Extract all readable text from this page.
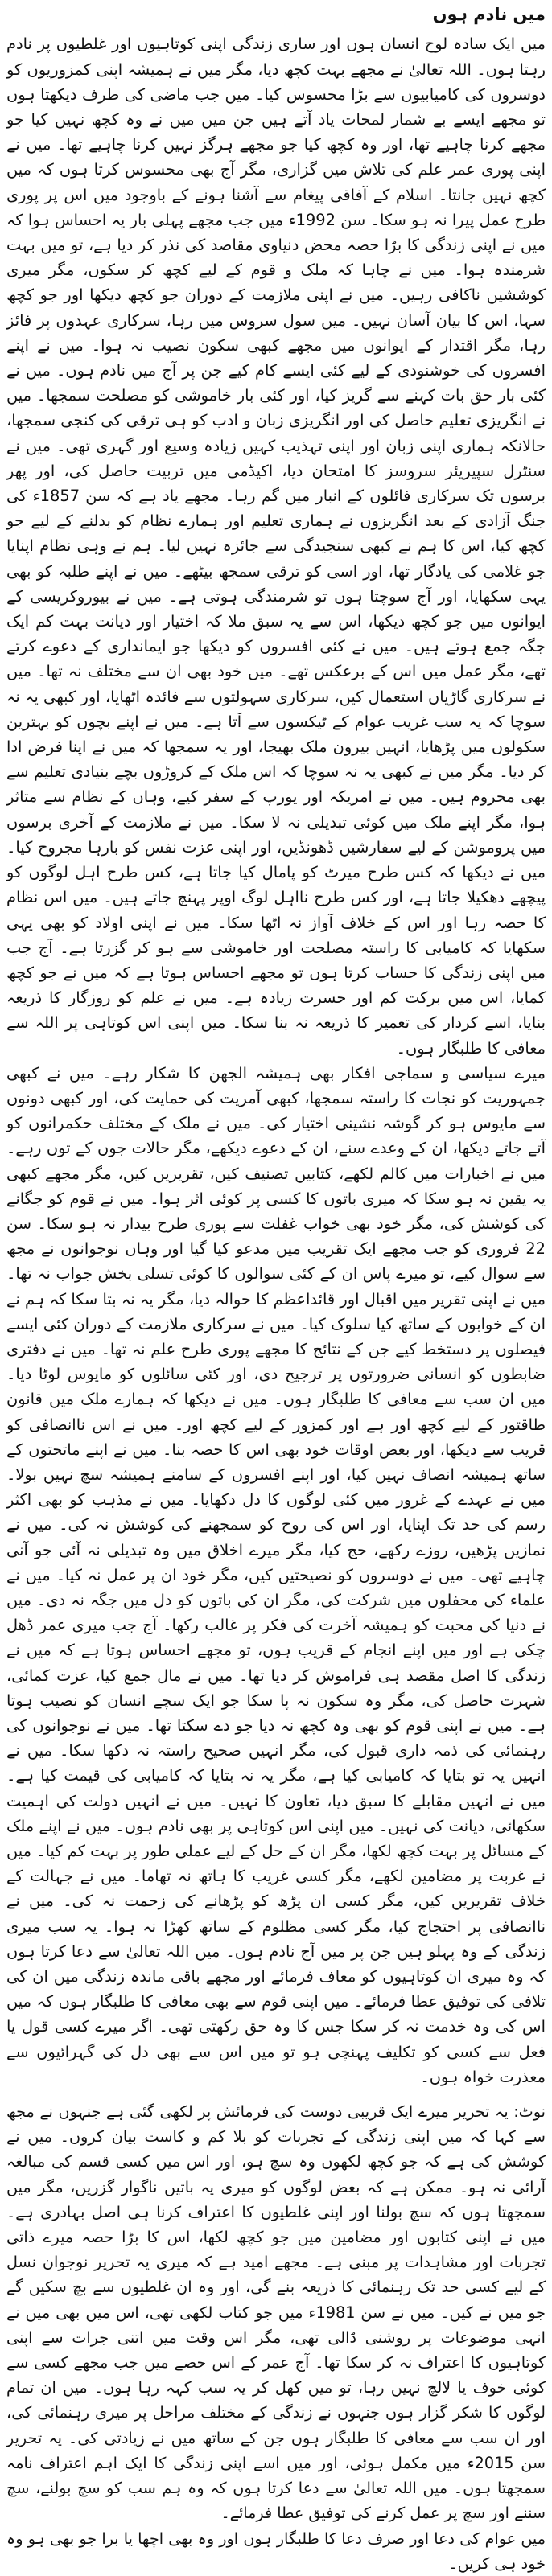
میں نادم ہوں

میں ایک سادہ لوح انسان ہوں اور ساری زندگی اپنی کوتاہیوں اور غلطیوں پر نادم رہتا ہوں۔ اللہ تعالیٰ نے مجھے بہت کچھ دیا، مگر میں نے ہمیشہ اپنی کمزوریوں کو دوسروں کی کامیابیوں سے بڑا محسوس کیا۔ میں جب ماضی کی طرف دیکھتا ہوں تو مجھے ایسے بے شمار لمحات یاد آتے ہیں جن میں میں نے وہ کچھ نہیں کیا جو مجھے کرنا چاہیے تھا، اور وہ کچھ کیا جو مجھے ہرگز نہیں کرنا چاہیے تھا۔ میں نے اپنی پوری عمر علم کی تلاش میں گزاری، مگر آج بھی محسوس کرتا ہوں کہ میں کچھ نہیں جانتا۔ اسلام کے آفاقی پیغام سے آشنا ہونے کے باوجود میں اس پر پوری طرح عمل پیرا نہ ہو سکا۔ سن 1992ء میں جب مجھے پہلی بار یہ احساس ہوا کہ میں نے اپنی زندگی کا بڑا حصہ محض دنیاوی مقاصد کی نذر کر دیا ہے، تو میں بہت شرمندہ ہوا۔ میں نے چاہا کہ ملک و قوم کے لیے کچھ کر سکوں، مگر میری کوششیں ناکافی رہیں۔ میں نے اپنی ملازمت کے دوران جو کچھ دیکھا اور جو کچھ سہا، اس کا بیان آسان نہیں۔ میں سول سروس میں رہا، سرکاری عہدوں پر فائز رہا، مگر اقتدار کے ایوانوں میں مجھے کبھی سکون نصیب نہ ہوا۔ میں نے اپنے افسروں کی خوشنودی کے لیے کئی ایسے کام کیے جن پر آج میں نادم ہوں۔ میں نے کئی بار حق بات کہنے سے گریز کیا، اور کئی بار خاموشی کو مصلحت سمجھا۔ میں نے انگریزی تعلیم حاصل کی اور انگریزی زبان و ادب کو ہی ترقی کی کنجی سمجھا، حالانکہ ہماری اپنی زبان اور اپنی تہذیب کہیں زیادہ وسیع اور گہری تھی۔ میں نے سنٹرل سپیریئر سروسز کا امتحان دیا، اکیڈمی میں تربیت حاصل کی، اور پھر برسوں تک سرکاری فائلوں کے انبار میں گم رہا۔ مجھے یاد ہے کہ سن 1857ء کی جنگ آزادی کے بعد انگریزوں نے ہماری تعلیم اور ہمارے نظام کو بدلنے کے لیے جو کچھ کیا، اس کا ہم نے کبھی سنجیدگی سے جائزہ نہیں لیا۔ ہم نے وہی نظام اپنایا جو غلامی کی یادگار تھا، اور اسی کو ترقی سمجھ بیٹھے۔ میں نے اپنے طلبہ کو بھی یہی سکھایا، اور آج سوچتا ہوں تو شرمندگی ہوتی ہے۔ میں نے بیوروکریسی کے ایوانوں میں جو کچھ دیکھا، اس سے یہ سبق ملا کہ اختیار اور دیانت بہت کم ایک جگہ جمع ہوتے ہیں۔ میں نے کئی افسروں کو دیکھا جو ایمانداری کے دعوے کرتے تھے، مگر عمل میں اس کے برعکس تھے۔ میں خود بھی ان سے مختلف نہ تھا۔ میں نے سرکاری گاڑیاں استعمال کیں، سرکاری سہولتوں سے فائدہ اٹھایا، اور کبھی یہ نہ سوچا کہ یہ سب غریب عوام کے ٹیکسوں سے آتا ہے۔ میں نے اپنے بچوں کو بہترین سکولوں میں پڑھایا، انہیں بیرون ملک بھیجا، اور یہ سمجھا کہ میں نے اپنا فرض ادا کر دیا۔ مگر میں نے کبھی یہ نہ سوچا کہ اس ملک کے کروڑوں بچے بنیادی تعلیم سے بھی محروم ہیں۔ میں نے امریکہ اور یورپ کے سفر کیے، وہاں کے نظام سے متاثر ہوا، مگر اپنے ملک میں کوئی تبدیلی نہ لا سکا۔ میں نے ملازمت کے آخری برسوں میں پروموشن کے لیے سفارشیں ڈھونڈیں، اور اپنی عزت نفس کو بارہا مجروح کیا۔ میں نے دیکھا کہ کس طرح میرٹ کو پامال کیا جاتا ہے، کس طرح اہل لوگوں کو پیچھے دھکیلا جاتا ہے، اور کس طرح نااہل لوگ اوپر پہنچ جاتے ہیں۔ میں اس نظام کا حصہ رہا اور اس کے خلاف آواز نہ اٹھا سکا۔ میں نے اپنی اولاد کو بھی یہی سکھایا کہ کامیابی کا راستہ مصلحت اور خاموشی سے ہو کر گزرتا ہے۔ آج جب میں اپنی زندگی کا حساب کرتا ہوں تو مجھے احساس ہوتا ہے کہ میں نے جو کچھ کمایا، اس میں برکت کم اور حسرت زیادہ ہے۔ میں نے علم کو روزگار کا ذریعہ بنایا، اسے کردار کی تعمیر کا ذریعہ نہ بنا سکا۔ میں اپنی اس کوتاہی پر اللہ سے معافی کا طلبگار ہوں۔

میرے سیاسی و سماجی افکار بھی ہمیشہ الجھن کا شکار رہے۔ میں نے کبھی جمہوریت کو نجات کا راستہ سمجھا، کبھی آمریت کی حمایت کی، اور کبھی دونوں سے مایوس ہو کر گوشہ نشینی اختیار کی۔ میں نے ملک کے مختلف حکمرانوں کو آتے جاتے دیکھا، ان کے وعدے سنے، ان کے دعوے دیکھے، مگر حالات جوں کے توں رہے۔ میں نے اخبارات میں کالم لکھے، کتابیں تصنیف کیں، تقریریں کیں، مگر مجھے کبھی یہ یقین نہ ہو سکا کہ میری باتوں کا کسی پر کوئی اثر ہوا۔ میں نے قوم کو جگانے کی کوشش کی، مگر خود بھی خواب غفلت سے پوری طرح بیدار نہ ہو سکا۔ سن 22 فروری کو جب مجھے ایک تقریب میں مدعو کیا گیا اور وہاں نوجوانوں نے مجھ سے سوال کیے، تو میرے پاس ان کے کئی سوالوں کا کوئی تسلی بخش جواب نہ تھا۔ میں نے اپنی تقریر میں اقبال اور قائداعظم کا حوالہ دیا، مگر یہ نہ بتا سکا کہ ہم نے ان کے خوابوں کے ساتھ کیا سلوک کیا۔ میں نے سرکاری ملازمت کے دوران کئی ایسے فیصلوں پر دستخط کیے جن کے نتائج کا مجھے پوری طرح علم نہ تھا۔ میں نے دفتری ضابطوں کو انسانی ضرورتوں پر ترجیح دی، اور کئی سائلوں کو مایوس لوٹا دیا۔ میں ان سب سے معافی کا طلبگار ہوں۔ میں نے دیکھا کہ ہمارے ملک میں قانون طاقتور کے لیے کچھ اور ہے اور کمزور کے لیے کچھ اور۔ میں نے اس ناانصافی کو قریب سے دیکھا، اور بعض اوقات خود بھی اس کا حصہ بنا۔ میں نے اپنے ماتحتوں کے ساتھ ہمیشہ انصاف نہیں کیا، اور اپنے افسروں کے سامنے ہمیشہ سچ نہیں بولا۔ میں نے عہدے کے غرور میں کئی لوگوں کا دل دکھایا۔ میں نے مذہب کو بھی اکثر رسم کی حد تک اپنایا، اور اس کی روح کو سمجھنے کی کوشش نہ کی۔ میں نے نمازیں پڑھیں، روزے رکھے، حج کیا، مگر میرے اخلاق میں وہ تبدیلی نہ آئی جو آنی چاہیے تھی۔ میں نے دوسروں کو نصیحتیں کیں، مگر خود ان پر عمل نہ کیا۔ میں نے علماء کی محفلوں میں شرکت کی، مگر ان کی باتوں کو دل میں جگہ نہ دی۔ میں نے دنیا کی محبت کو ہمیشہ آخرت کی فکر پر غالب رکھا۔ آج جب میری عمر ڈھل چکی ہے اور میں اپنے انجام کے قریب ہوں، تو مجھے احساس ہوتا ہے کہ میں نے زندگی کا اصل مقصد ہی فراموش کر دیا تھا۔ میں نے مال جمع کیا، عزت کمائی، شہرت حاصل کی، مگر وہ سکون نہ پا سکا جو ایک سچے انسان کو نصیب ہوتا ہے۔ میں نے اپنی قوم کو بھی وہ کچھ نہ دیا جو دے سکتا تھا۔ میں نے نوجوانوں کی رہنمائی کی ذمہ داری قبول کی، مگر انہیں صحیح راستہ نہ دکھا سکا۔ میں نے انہیں یہ تو بتایا کہ کامیابی کیا ہے، مگر یہ نہ بتایا کہ کامیابی کی قیمت کیا ہے۔ میں نے انہیں مقابلے کا سبق دیا، تعاون کا نہیں۔ میں نے انہیں دولت کی اہمیت سکھائی، دیانت کی نہیں۔ میں اپنی اس کوتاہی پر بھی نادم ہوں۔ میں نے اپنے ملک کے مسائل پر بہت کچھ لکھا، مگر ان کے حل کے لیے عملی طور پر بہت کم کیا۔ میں نے غربت پر مضامین لکھے، مگر کسی غریب کا ہاتھ نہ تھاما۔ میں نے جہالت کے خلاف تقریریں کیں، مگر کسی ان پڑھ کو پڑھانے کی زحمت نہ کی۔ میں نے ناانصافی پر احتجاج کیا، مگر کسی مظلوم کے ساتھ کھڑا نہ ہوا۔ یہ سب میری زندگی کے وہ پہلو ہیں جن پر میں آج نادم ہوں۔ میں اللہ تعالیٰ سے دعا کرتا ہوں کہ وہ میری ان کوتاہیوں کو معاف فرمائے اور مجھے باقی ماندہ زندگی میں ان کی تلافی کی توفیق عطا فرمائے۔ میں اپنی قوم سے بھی معافی کا طلبگار ہوں کہ میں اس کی وہ خدمت نہ کر سکا جس کا وہ حق رکھتی تھی۔ اگر میرے کسی قول یا فعل سے کسی کو تکلیف پہنچی ہو تو میں اس سے بھی دل کی گہرائیوں سے معذرت خواہ ہوں۔

نوٹ: یہ تحریر میرے ایک قریبی دوست کی فرمائش پر لکھی گئی ہے جنہوں نے مجھ سے کہا کہ میں اپنی زندگی کے تجربات کو بلا کم و کاست بیان کروں۔ میں نے کوشش کی ہے کہ جو کچھ لکھوں وہ سچ ہو، اور اس میں کسی قسم کی مبالغہ آرائی نہ ہو۔ ممکن ہے کہ بعض لوگوں کو میری یہ باتیں ناگوار گزریں، مگر میں سمجھتا ہوں کہ سچ بولنا اور اپنی غلطیوں کا اعتراف کرنا ہی اصل بہادری ہے۔ میں نے اپنی کتابوں اور مضامین میں جو کچھ لکھا، اس کا بڑا حصہ میرے ذاتی تجربات اور مشاہدات پر مبنی ہے۔ مجھے امید ہے کہ میری یہ تحریر نوجوان نسل کے لیے کسی حد تک رہنمائی کا ذریعہ بنے گی، اور وہ ان غلطیوں سے بچ سکیں گے جو میں نے کیں۔ میں نے سن 1981ء میں جو کتاب لکھی تھی، اس میں بھی میں نے انہی موضوعات پر روشنی ڈالی تھی، مگر اس وقت میں اتنی جرات سے اپنی کوتاہیوں کا اعتراف نہ کر سکا تھا۔ آج عمر کے اس حصے میں جب مجھے کسی سے کوئی خوف یا لالچ نہیں رہا، تو میں کھل کر یہ سب کہہ رہا ہوں۔ میں ان تمام لوگوں کا شکر گزار ہوں جنہوں نے زندگی کے مختلف مراحل پر میری رہنمائی کی، اور ان سب سے معافی کا طلبگار ہوں جن کے ساتھ میں نے زیادتی کی۔ یہ تحریر سن 2015ء میں مکمل ہوئی، اور میں اسے اپنی زندگی کا ایک اہم اعتراف نامہ سمجھتا ہوں۔ میں اللہ تعالیٰ سے دعا کرتا ہوں کہ وہ ہم سب کو سچ بولنے، سچ سننے اور سچ پر عمل کرنے کی توفیق عطا فرمائے۔

میں عوام کی دعا اور صرف دعا کا طلبگار ہوں اور وہ بھی اچھا یا برا جو بھی ہو وہ خود ہی کریں۔
